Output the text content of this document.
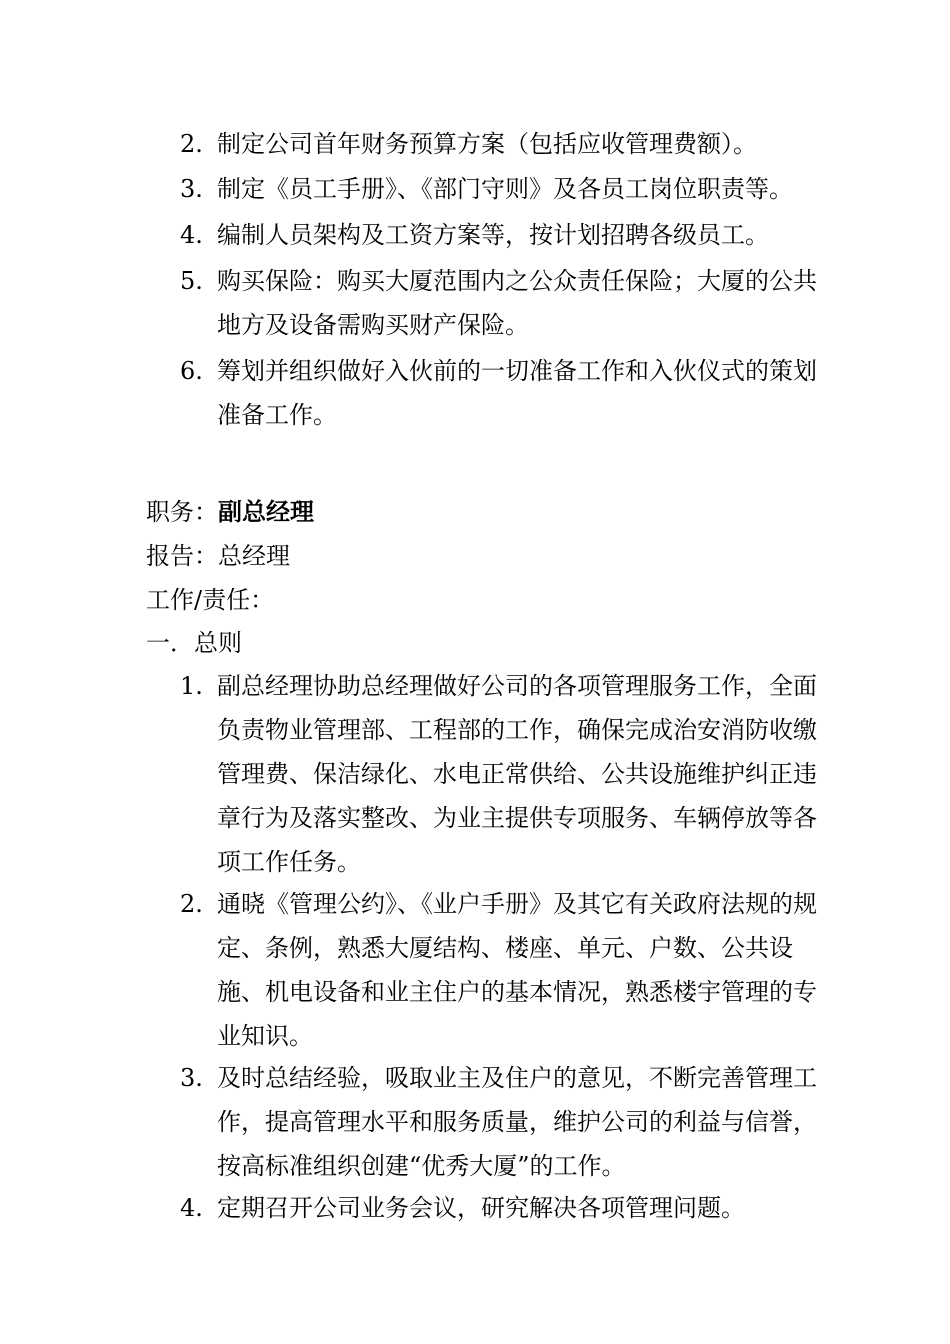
2. 制定公司首年财务预算方案（包括应收管理费额）。
3. 制定《员工手册》、《部门守则》及各员工岗位职责等。
4. 编制人员架构及工资方案等，按计划招聘各级员工。
5. 购买保险：购买大厦范围内之公众责任保险；大厦的公共地方及设备需购买财产保险。
6. 筹划并组织做好入伙前的一切准备工作和入伙仪式的策划准备工作。
职务：副总经理
报告：总经理
工作/责任：
一．总则
1. 副总经理协助总经理做好公司的各项管理服务工作，全面负责物业管理部、工程部的工作，确保完成治安消防收缴管理费、保洁绿化、水电正常供给、公共设施维护纠正违章行为及落实整改、为业主提供专项服务、车辆停放等各项工作任务。
2. 通晓《管理公约》、《业户手册》及其它有关政府法规的规定、条例，熟悉大厦结构、楼座、单元、户数、公共设施、机电设备和业主住户的基本情况，熟悉楼宇管理的专业知识。
3. 及时总结经验，吸取业主及住户的意见，不断完善管理工作，提高管理水平和服务质量，维护公司的利益与信誉，按高标准组织创建“优秀大厦”的工作。
4. 定期召开公司业务会议，研究解决各项管理问题。
